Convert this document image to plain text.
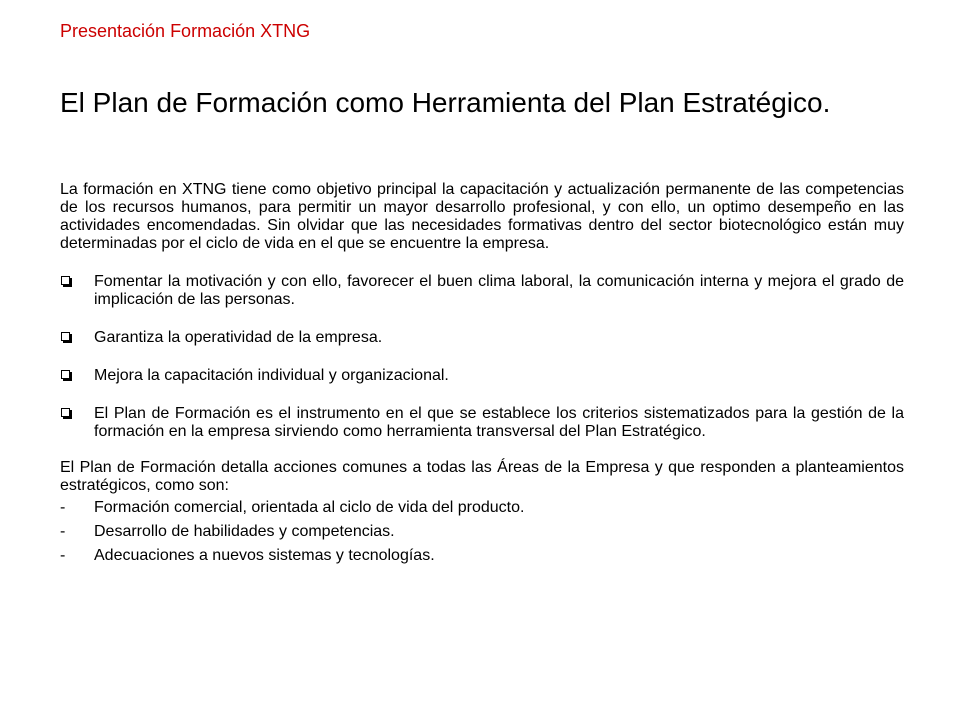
Presentación Formación XTNG
El Plan de Formación como Herramienta del Plan Estratégico.

La formación en XTNG tiene como objetivo principal la capacitación y actualización permanente de las competencias de los recursos humanos, para permitir un mayor desarrollo profesional, y con ello, un optimo desempeño en las actividades encomendadas. Sin olvidar que las necesidades formativas dentro del sector biotecnológico están muy determinadas por el ciclo de vida en el que se encuentre la empresa.

Fomentar la motivación y con ello, favorecer el buen clima laboral, la comunicación interna y mejora el grado de implicación de las personas.
Garantiza la operatividad de la empresa.
Mejora la capacitación individual y organizacional.
El Plan de Formación es el instrumento en el que se establece los criterios sistematizados para la gestión de la formación en la empresa sirviendo como herramienta transversal del Plan Estratégico.

El Plan de Formación detalla acciones comunes a todas las Áreas de la Empresa y que responden a planteamientos estratégicos, como son:

- Formación comercial, orientada al ciclo de vida del producto.
- Desarrollo de habilidades y competencias.
- Adecuaciones a nuevos sistemas y tecnologías.
